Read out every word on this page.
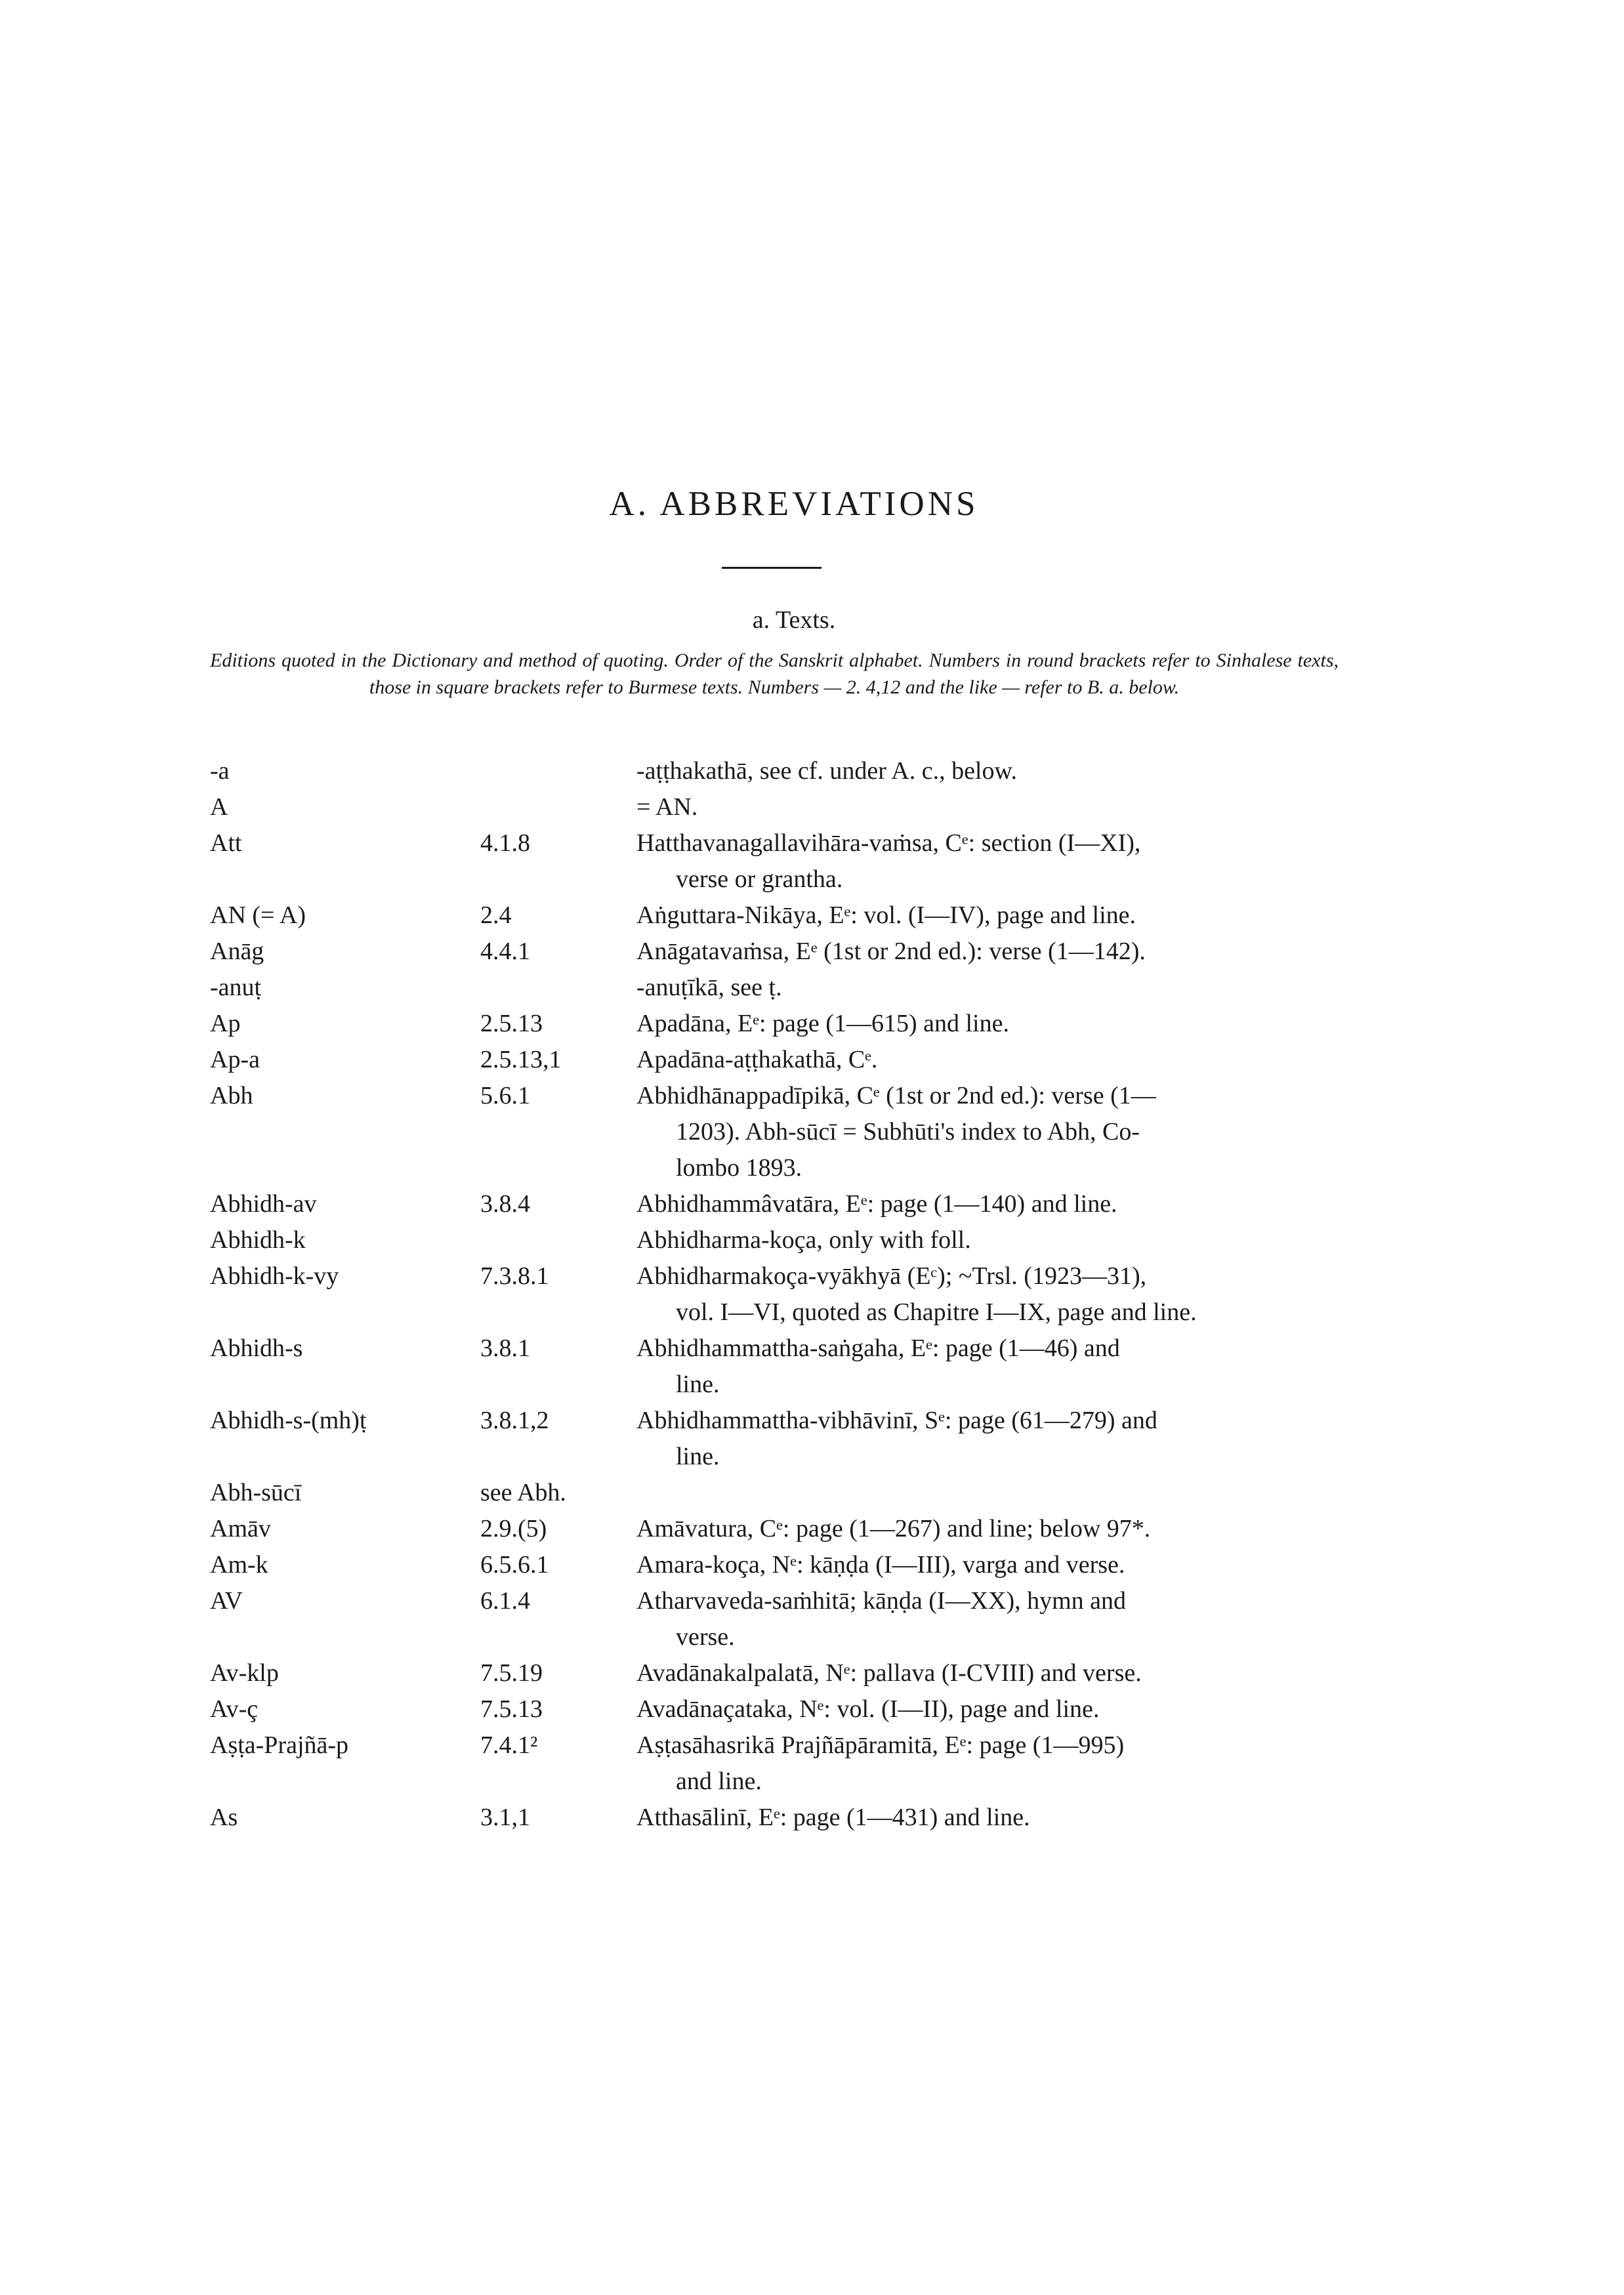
A. ABBREVIATIONS
a. Texts.
Editions quoted in the Dictionary and method of quoting. Order of the Sanskrit alphabet. Numbers in round brackets refer to Sinhalese texts, those in square brackets refer to Burmese texts. Numbers — 2. 4,12 and the like — refer to B. a. below.
-a	-aṭṭhakathā, see cf. under A. c., below.
A	= AN.
Att	4.1.8	Hatthavanagallavihāra-vaṁsa, Cᵉ: section (I—XI),
verse or grantha.
AN (= A)	2.4	Aṅguttara-Nikāya, Eᵉ: vol. (I—IV), page and line.
Anāg	4.4.1	Anāgatavaṁsa, Eᵉ (1st or 2nd ed.): verse (1—142).
-anuṭ	-anuṭīkā, see ṭ.
Ap	2.5.13	Apadāna, Eᵉ: page (1—615) and line.
Ap-a	2.5.13,1	Apadāna-aṭṭhakathā, Cᵉ.
Abh	5.6.1	Abhidhānappadīpikā, Cᵉ (1st or 2nd ed.): verse (1—
1203). Abh-sūcī = Subhūti's index to Abh, Co-
lombo 1893.
Abhidh-av	3.8.4	Abhidhammâvatāra, Eᵉ: page (1—140) and line.
Abhidh-k	Abhidharma-koça, only with foll.
Abhidh-k-vy	7.3.8.1	Abhidharmakoça-vyākhyā (Eᶜ); ~Trsl. (1923—31),
vol. I—VI, quoted as Chapitre I—IX, page and line.
Abhidh-s	3.8.1	Abhidhammattha-saṅgaha, Eᵉ: page (1—46) and
line.
Abhidh-s-(mh)ṭ	3.8.1,2	Abhidhammattha-vibhāvinī, Sᵉ: page (61—279) and
line.
Abh-sūcī	see Abh.

Amāv	2.9.(5)	Amāvatura, Cᵉ: page (1—267) and line; below 97*.
Am-k	6.5.6.1	Amara-koça, Nᵉ: kāṇḍa (I—III), varga and verse.
AV	6.1.4	Atharvaveda-saṁhitā; kāṇḍa (I—XX), hymn and
verse.
Av-klp	7.5.19	Avadānakalpalatā, Nᵉ: pallava (I-CVIII) and verse.
Av-ç	7.5.13	Avadānaçataka, Nᵉ: vol. (I—II), page and line.
Aṣṭa-Prajñā-p	7.4.1²	Aṣṭasāhasrikā Prajñāpāramitā, Eᵉ: page (1—995)
and line.
As	3.1,1	Atthasālinī, Eᵉ: page (1—431) and line.
